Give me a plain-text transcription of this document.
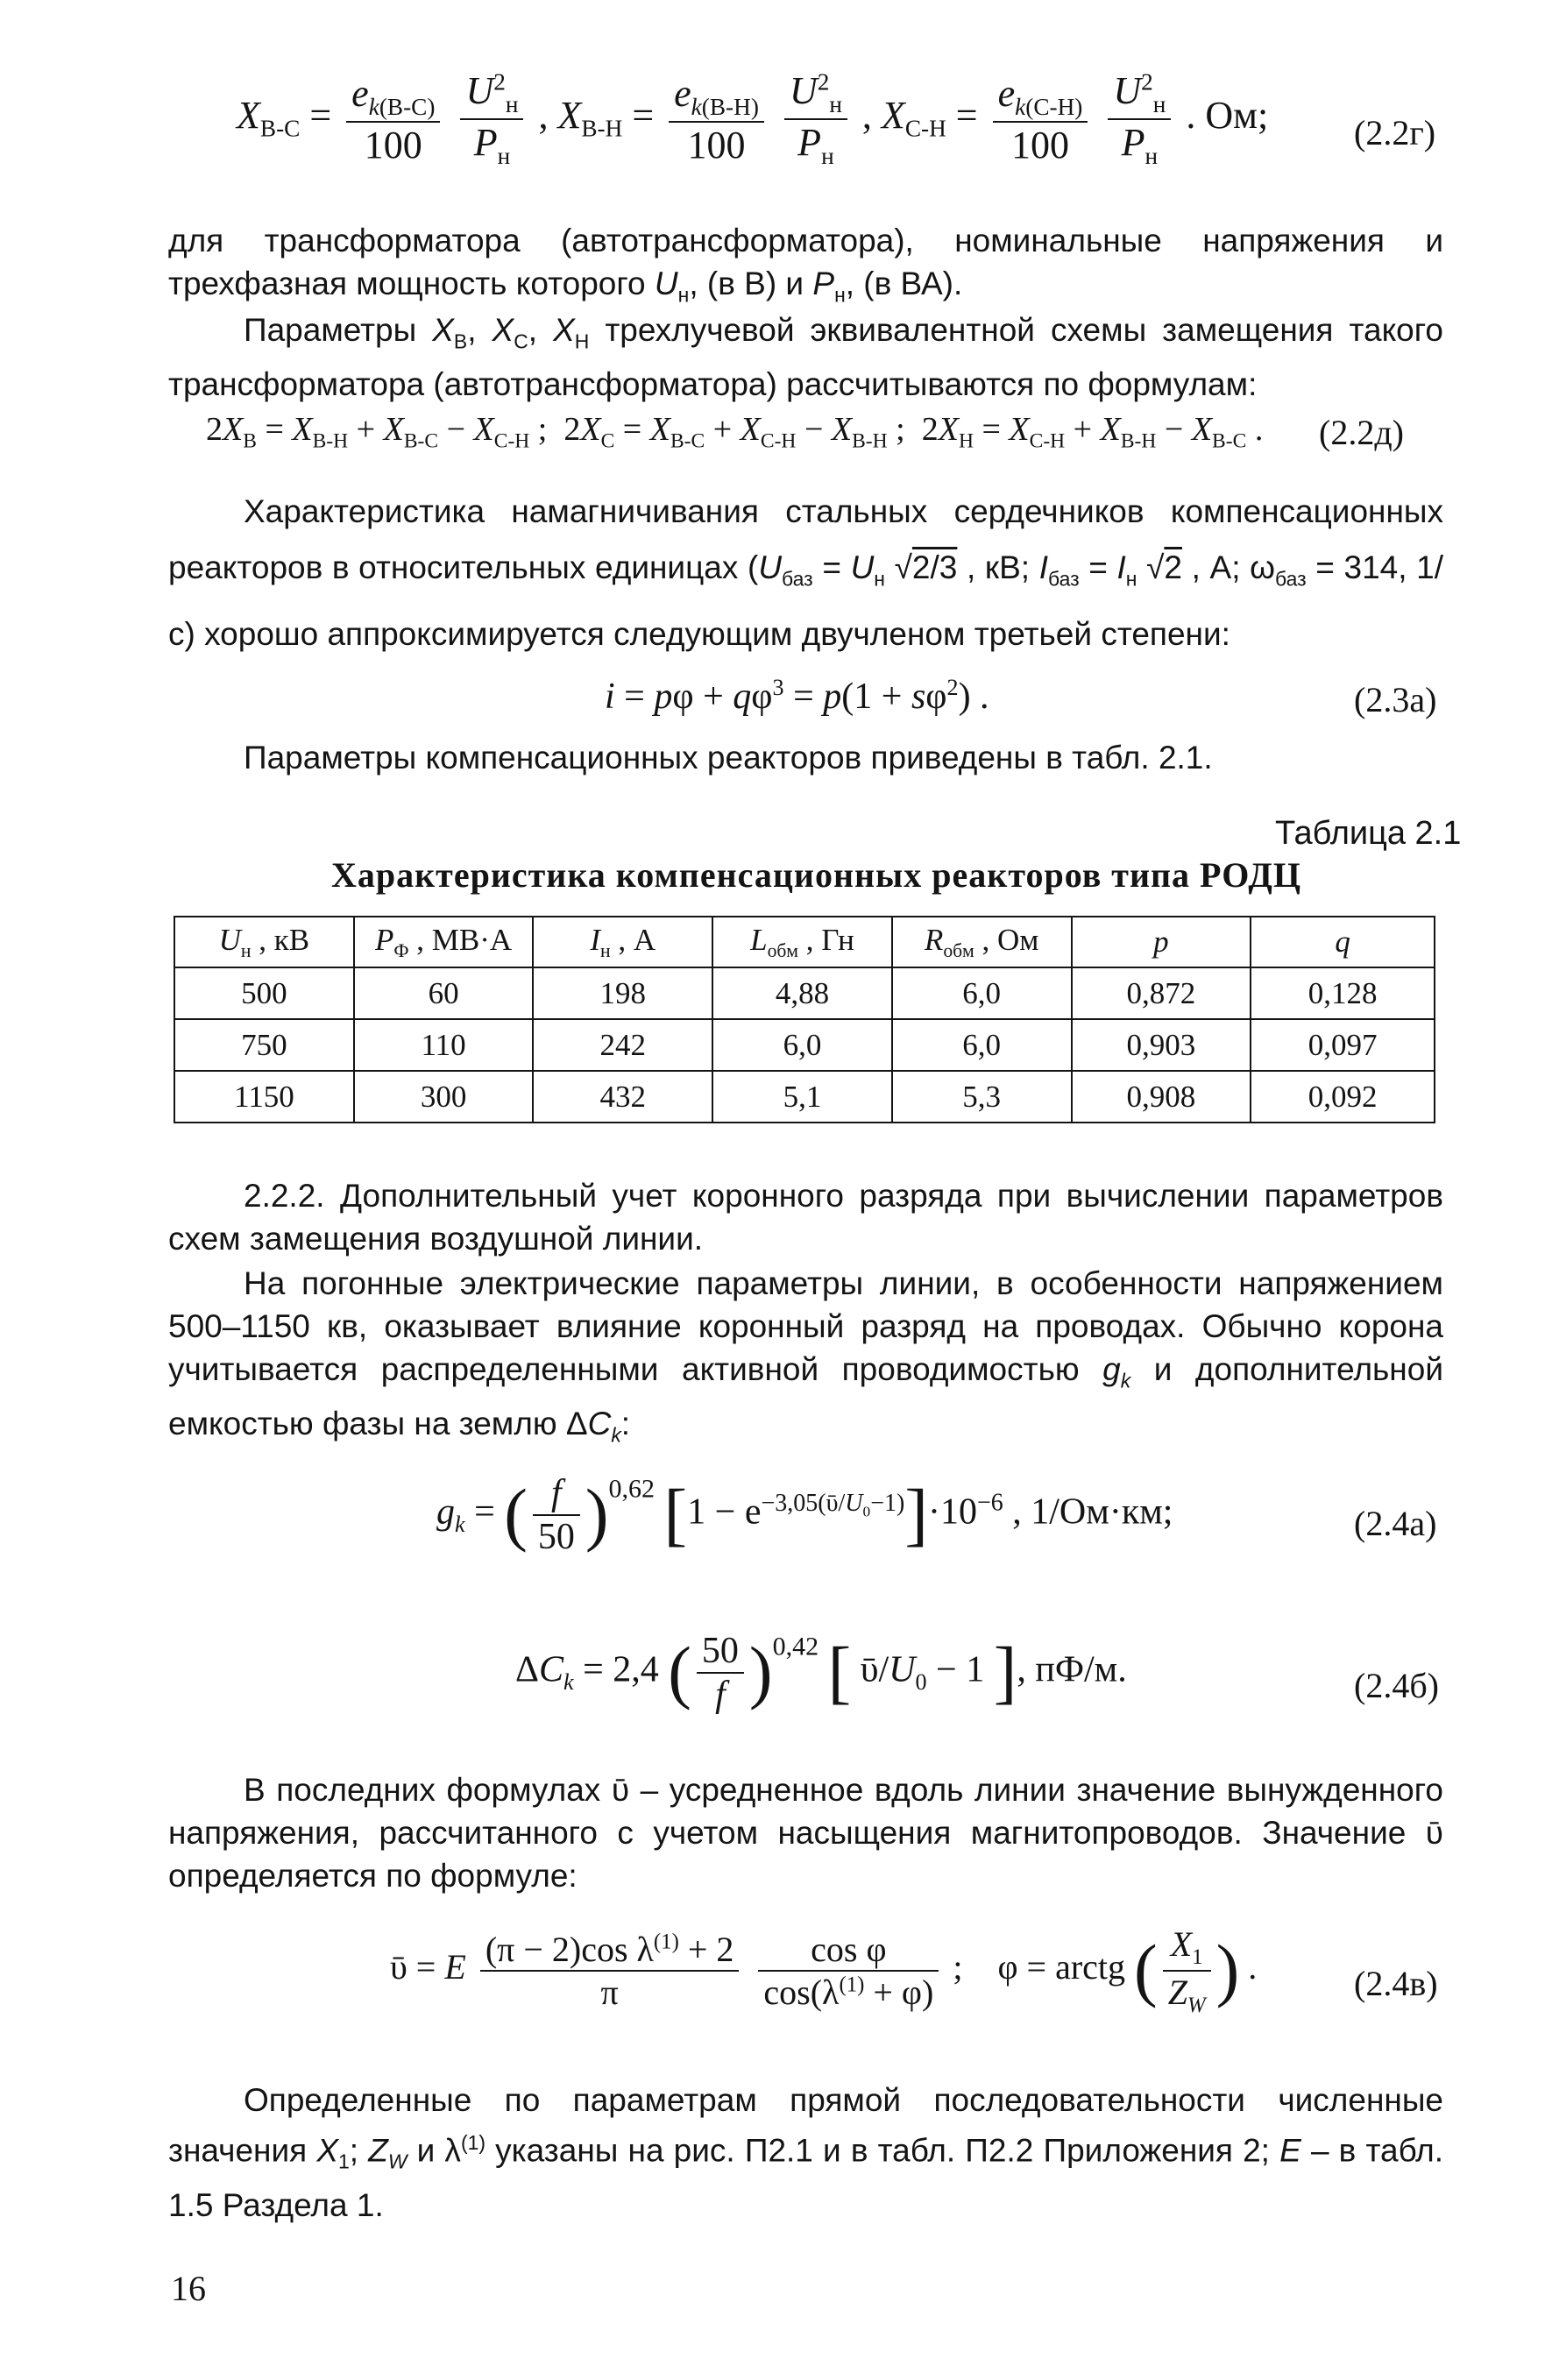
$X_{В-С} = \frac{e_{k(В-С)}}{100}$
$\frac{U^2_н}{P_н}$ , $X_{В-Н} = \frac{e_{k(В-Н)}}{100}$
$\frac{U^2_н}{P_н}$ , $X_{С-Н} = \frac{e_{k(С-Н)}}{100}$
$\frac{U^2_н}{P_н}$ . Ом; (2.2г)
для трансформатора (автотрансформатора), номинальные напряжения и трехфазная мощность которого $U_н$, (в В) и $P_н$, (в ВА).
Параметры $X_В$, $X_С$, $X_Н$ трехлучевой эквивалентной схемы замещения такого трансформатора (автотрансформатора) рассчитываются по формулам:
$2X_В = X_{В-Н} + X_{В-С} - X_{С-Н}$ ;  $2X_С = X_{В-С} + X_{С-Н} - X_{В-Н}$ ;  $2X_Н = X_{С-Н} + X_{В-Н} - X_{В-С}$ . (2.2д)
Характеристика намагничивания стальных сердечников компенсационных реакторов в относительных единицах ($U_{баз} = U_н$ √2/3 , кВ; $I_{баз} = I_н$ √2 , А; $\omega_{баз} = 314$, 1/с) хорошо аппроксимируется следующим двучленом третьей степени:
$i = p\varphi + q\varphi^3 = p(1 + s\varphi^2)$ .	(2.3а)
Параметры компенсационных реакторов приведены в табл. 2.1.
Таблица 2.1
Характеристика компенсационных реакторов типа РОДЦ
$U_н$ , кВ	$P_Ф$ , МВ·А	$I_н$ , А	$L_{обм}$ , Гн	$R_{обм}$ , Ом	p	q
500	60	198	4,88	6,0	0,872	0,128
750	110	242	6,0	6,0	0,903	0,097
1150	300	432	5,1	5,3	0,908	0,092
2.2.2. Дополнительный учет коронного разряда при вычислении параметров схем замещения воздушной линии.
На погонные электрические параметры линии, в особенности напряжением 500–1150 кв, оказывает влияние коронный разряд на проводах. Обычно корона учитывается распределенными активной проводимостью $g_k$ и дополнительной емкостью фазы на землю $\Delta C_k$:
$g_k$ = ( $\frac{f}{50} )^{0,62}$ $[1 - e^{-3,05(ῡ/U_0-1)}]\cdot 10^{-6}$ , 1/Ом·км;	(2.4а)
$\Delta C_k = 2,4$ ( $\frac{50}{f} )^{0,42}$ [ $ῡ/U_0 - 1$ ], пФ/м.	(2.4б)
В последних формулах ῡ – усредненное вдоль линии значение вынужденного напряжения, рассчитанного с учетом насыщения магнитопроводов. Значение ῡ определяется по формуле:
ῡ = E $\frac{(\pi - 2)\cos \lambda^{(1)} + 2}{\pi}$
$\frac{\text{cos φ}}{\cos(\lambda^{(1)} + \varphi)}$ ;    φ = arctg ( $\frac{X_1}{Z_W}$ ) .	(2.4в)
Определенные по параметрам прямой последовательности численные значения $X_1$; $Z_W$ и $\lambda^{(1)}$ указаны на рис. П2.1 и в табл. П2.2 Приложения 2; E – в табл. 1.5 Раздела 1.
16
